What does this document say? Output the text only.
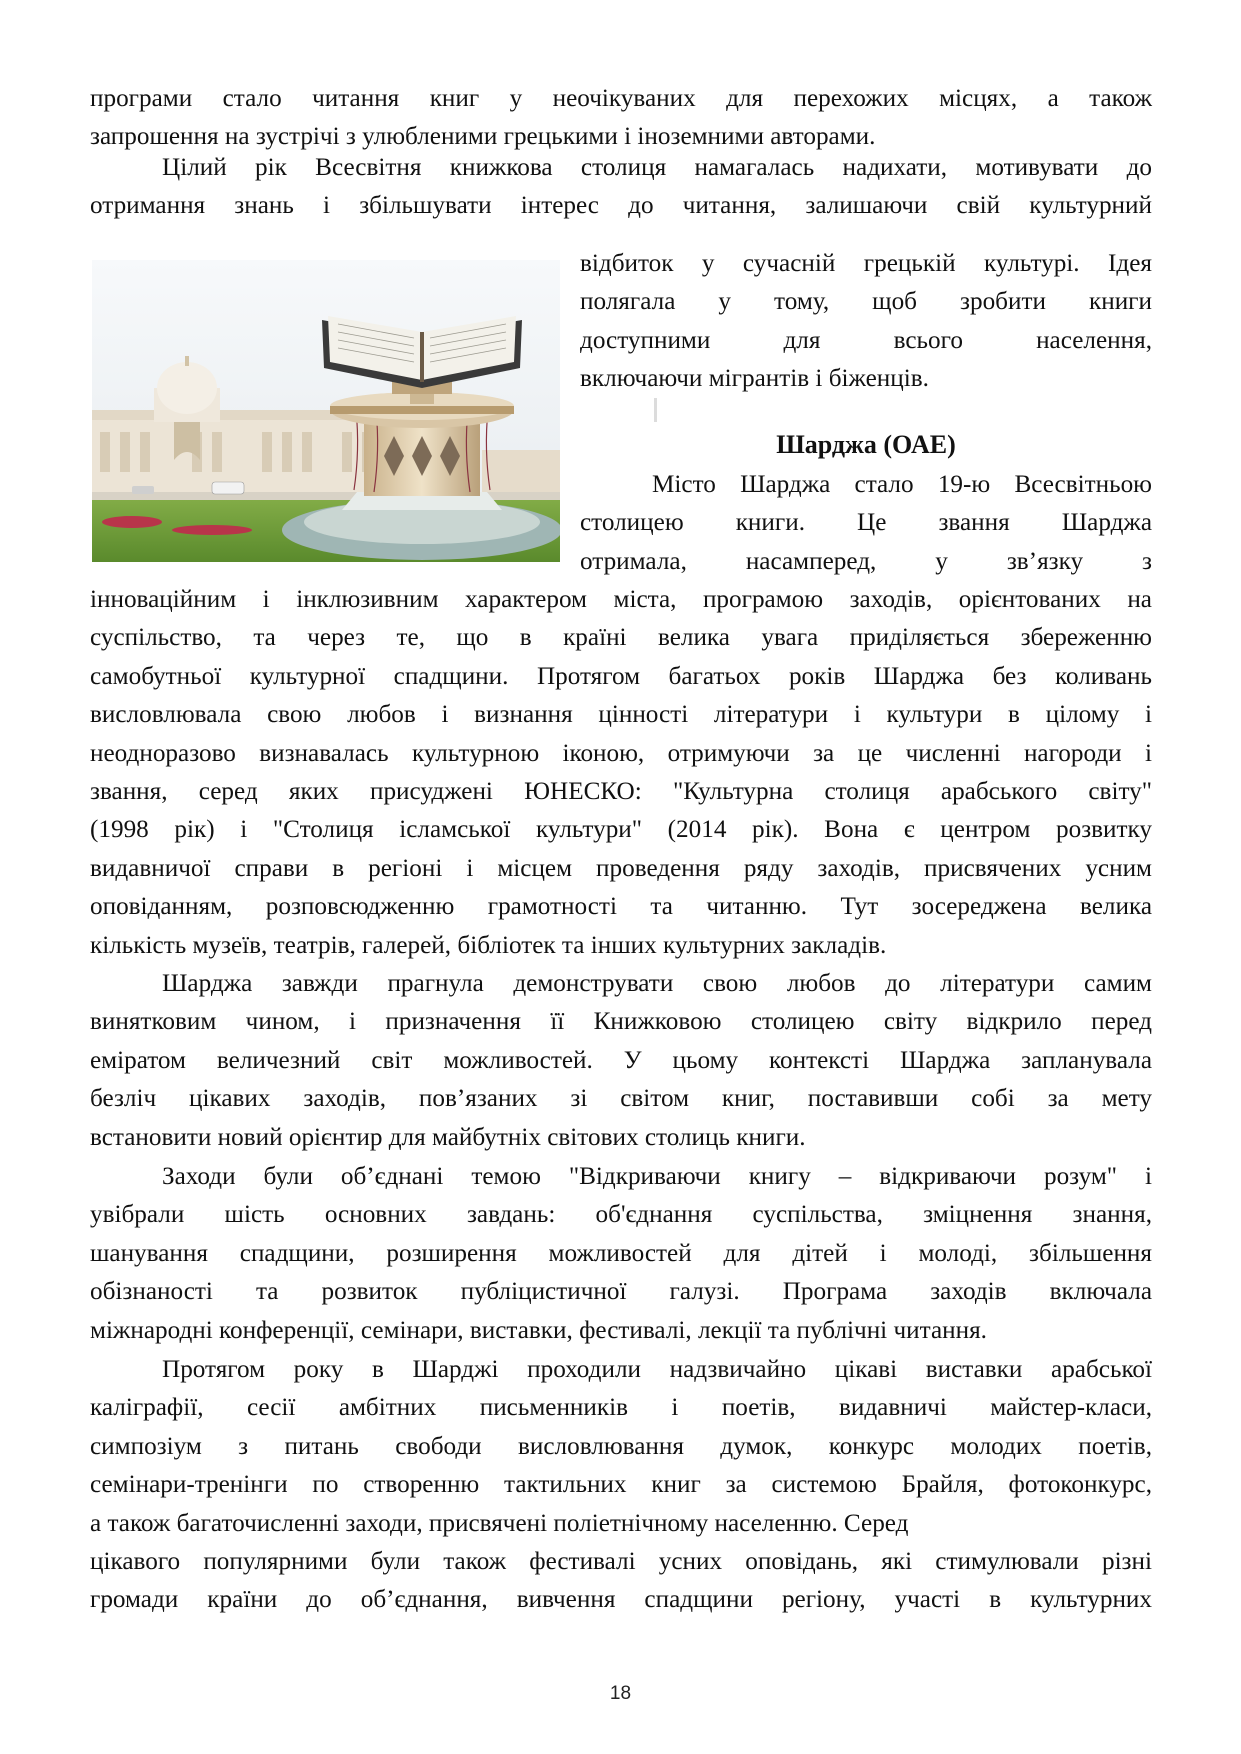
програми стало читання книг у неочікуваних для перехожих місцях, а також
запрошення на зустрічі з улюбленими грецькими і іноземними авторами.
Цілий рік Всесвітня книжкова столиця намагалась надихати, мотивувати до
отримання знань і збільшувати інтерес до читання, залишаючи свій культурний
відбиток у сучасній грецькій культурі. Ідея
полягала у тому, щоб зробити книги
доступними для всього населення,
включаючи мігрантів і біженців.
Шарджа (ОАЕ)
Місто Шарджа стало 19-ю Всесвітньою
столицею книги. Це звання Шарджа
отримала, насамперед, у зв’язку з
інноваційним і інклюзивним характером міста, програмою заходів, орієнтованих на
суспільство, та через те, що в країні велика увага приділяється збереженню
самобутньої культурної спадщини. Протягом багатьох років Шарджа без коливань
висловлювала свою любов і визнання цінності літератури і культури в цілому і
неодноразово визнавалась культурною іконою, отримуючи за це численні нагороди і
звання, серед яких присуджені ЮНЕСКО: "Культурна столиця арабського світу"
(1998 рік) і "Столиця ісламської культури" (2014 рік). Вона є центром розвитку
видавничої справи в регіоні і місцем проведення ряду заходів, присвячених усним
оповіданням, розповсюдженню грамотності та читанню. Тут зосереджена велика
кількість музеїв, театрів, галерей, бібліотек та інших культурних закладів.
Шарджа завжди прагнула демонструвати свою любов до літератури самим
винятковим чином, і призначення її Книжковою столицею світу відкрило перед
еміратом величезний світ можливостей. У цьому контексті Шарджа запланувала
безліч цікавих заходів, пов’язаних зі світом книг, поставивши собі за мету
встановити новий орієнтир для майбутніх світових столиць книги.
Заходи були об’єднані темою "Відкриваючи книгу – відкриваючи розум" і
увібрали шість основних завдань: об'єднання суспільства, зміцнення знання,
шанування спадщини, розширення можливостей для дітей і молоді, збільшення
обізнаності та розвиток публіцистичної галузі. Програма заходів включала
міжнародні конференції, семінари, виставки, фестивалі, лекції та публічні читання.
Протягом року в Шарджі проходили надзвичайно цікаві виставки арабської
каліграфії, сесії амбітних письменників і поетів, видавничі майстер-класи,
симпозіум з питань свободи висловлювання думок, конкурс молодих поетів,
семінари-тренінги по створенню тактильних книг за системою Брайля, фотоконкурс,
а також багаточисленні заходи, присвячені поліетнічному населенню. Серед
цікавого популярними були також фестивалі усних оповідань, які стимулювали різні
громади країни до об’єднання, вивчення спадщини регіону, участі в культурних
18
